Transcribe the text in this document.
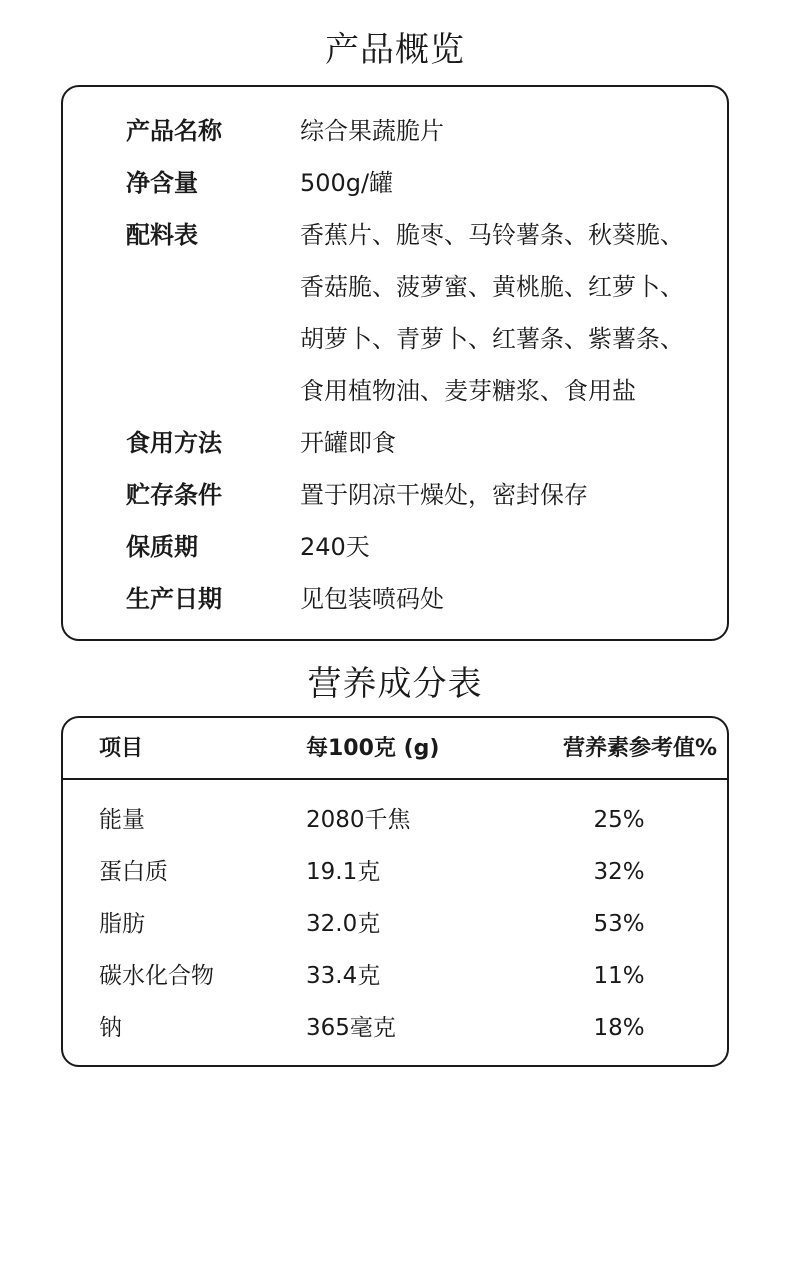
产品概览
产品名称	综合果蔬脆片
净含量	500g/罐
配料表	香蕉片、脆枣、马铃薯条、秋葵脆、
香菇脆、菠萝蜜、黄桃脆、红萝卜、
胡萝卜、青萝卜、红薯条、紫薯条、
食用植物油、麦芽糖浆、食用盐
食用方法	开罐即食
贮存条件	置于阴凉干燥处，密封保存
保质期	240天
生产日期	见包装喷码处
营养成分表
项目	每100克 (g)	营养素参考值%
能量	2080千焦	25%
蛋白质	19.1克	32%
脂肪	32.0克	53%
碳水化合物	33.4克	11%
钠	365毫克	18%
